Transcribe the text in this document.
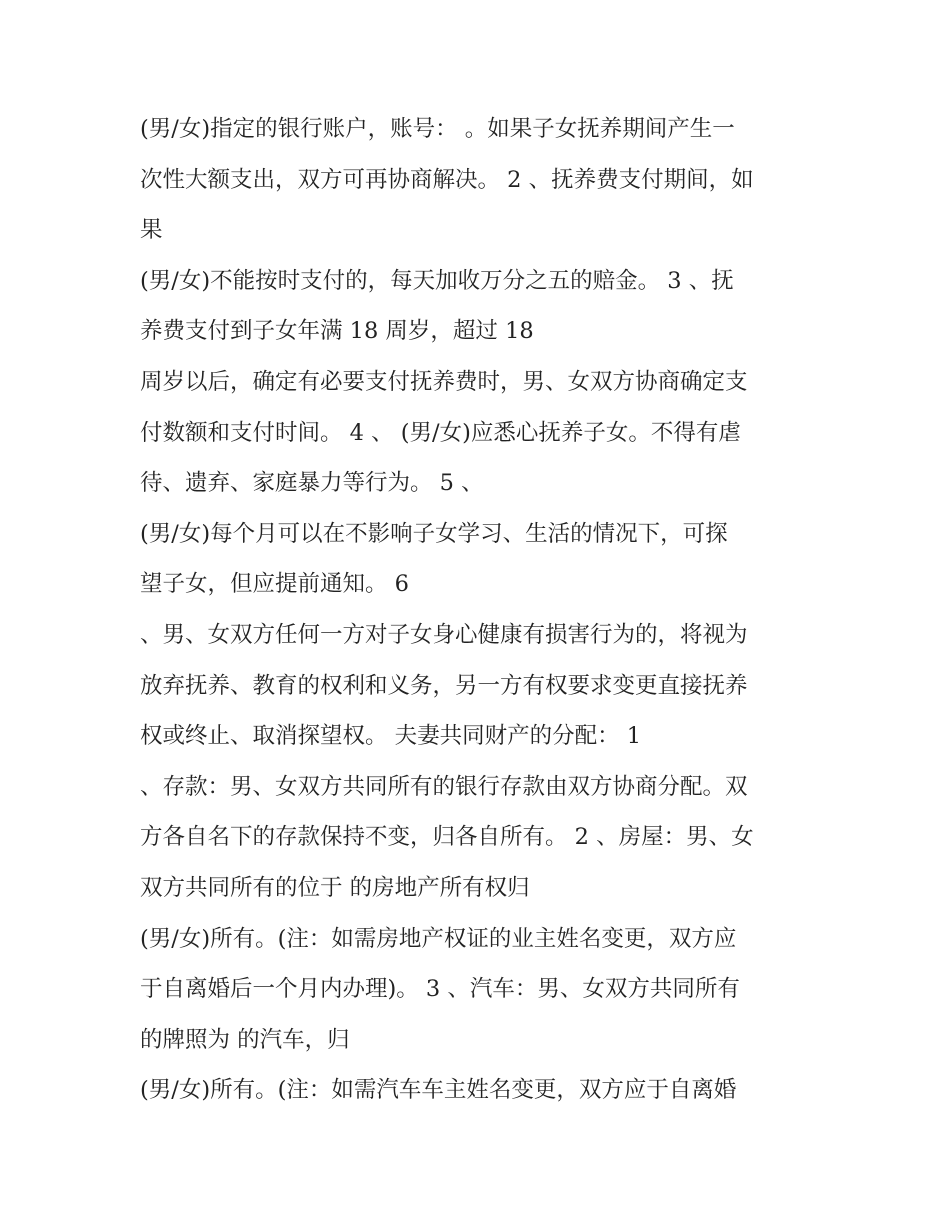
(男/女)指定的银行账户，账号： 。如果子女抚养期间产生一
次性大额支出，双方可再协商解决。 2 、抚养费支付期间，如
果
(男/女)不能按时支付的，每天加收万分之五的赔金。 3 、抚
养费支付到子女年满 18 周岁，超过 18
周岁以后，确定有必要支付抚养费时，男、女双方协商确定支
付数额和支付时间。 4 、 (男/女)应悉心抚养子女。不得有虐
待、遗弃、家庭暴力等行为。 5 、
(男/女)每个月可以在不影响子女学习、生活的情况下，可探
望子女，但应提前通知。 6
、男、女双方任何一方对子女身心健康有损害行为的，将视为
放弃抚养、教育的权利和义务，另一方有权要求变更直接抚养
权或终止、取消探望权。 夫妻共同财产的分配： 1
、存款：男、女双方共同所有的银行存款由双方协商分配。双
方各自名下的存款保持不变，归各自所有。 2 、房屋：男、女
双方共同所有的位于 的房地产所有权归
(男/女)所有。(注：如需房地产权证的业主姓名变更，双方应
于自离婚后一个月内办理)。 3 、汽车：男、女双方共同所有
的牌照为 的汽车，归
(男/女)所有。(注：如需汽车车主姓名变更，双方应于自离婚
